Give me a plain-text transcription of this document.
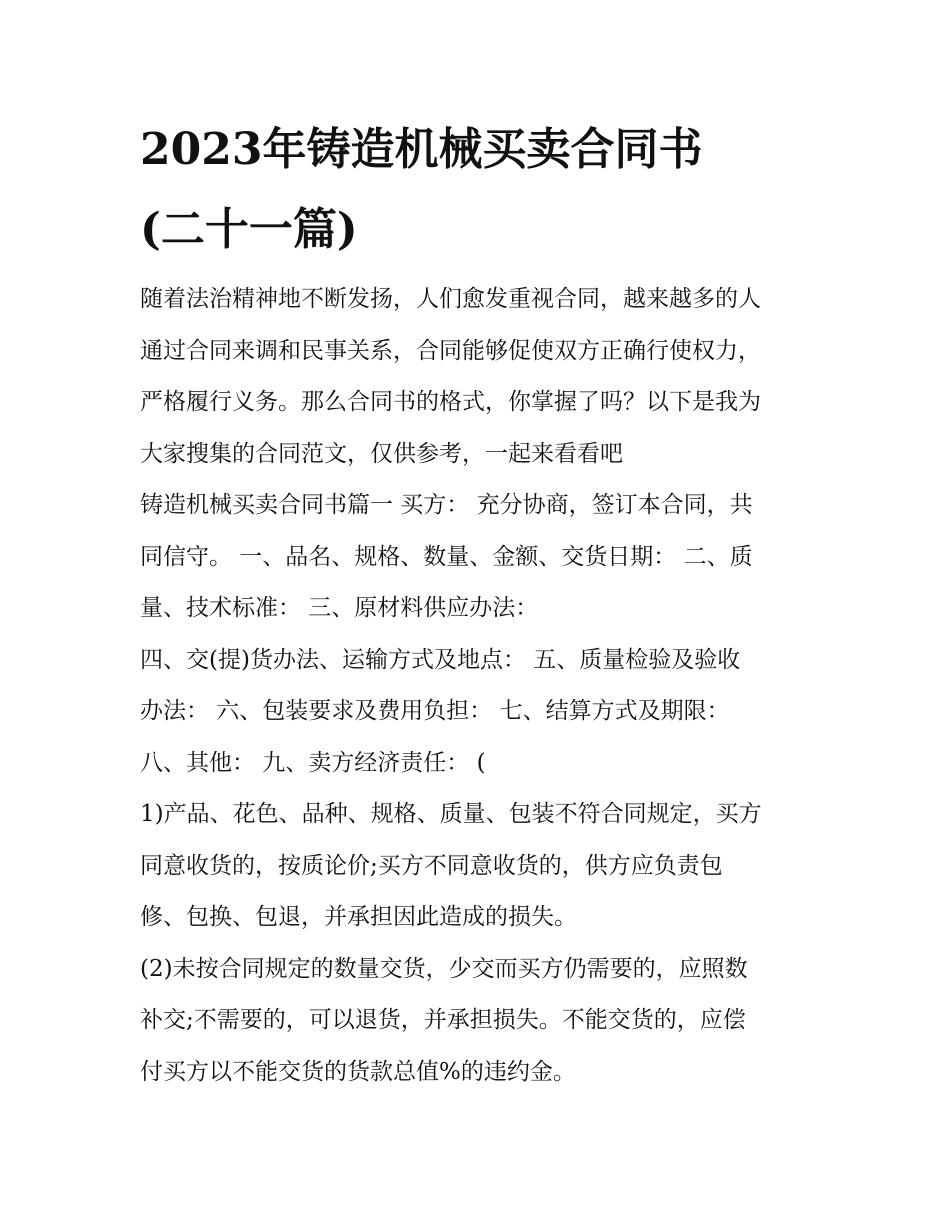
2023年铸造机械买卖合同书
(二十一篇)
随着法治精神地不断发扬，人们愈发重视合同，越来越多的人
通过合同来调和民事关系，合同能够促使双方正确行使权力，
严格履行义务。那么合同书的格式，你掌握了吗？以下是我为
大家搜集的合同范文，仅供参考，一起来看看吧
铸造机械买卖合同书篇一 买方： 充分协商，签订本合同，共
同信守。 一、品名、规格、数量、金额、交货日期： 二、质
量、技术标准： 三、原材料供应办法：
四、交(提)货办法、运输方式及地点： 五、质量检验及验收
办法： 六、包装要求及费用负担： 七、结算方式及期限：
八、其他： 九、卖方经济责任： (
1)产品、花色、品种、规格、质量、包装不符合同规定，买方
同意收货的，按质论价;买方不同意收货的，供方应负责包
修、包换、包退，并承担因此造成的损失。
(2)未按合同规定的数量交货，少交而买方仍需要的，应照数
补交;不需要的，可以退货，并承担损失。不能交货的，应偿
付买方以不能交货的货款总值%的违约金。
